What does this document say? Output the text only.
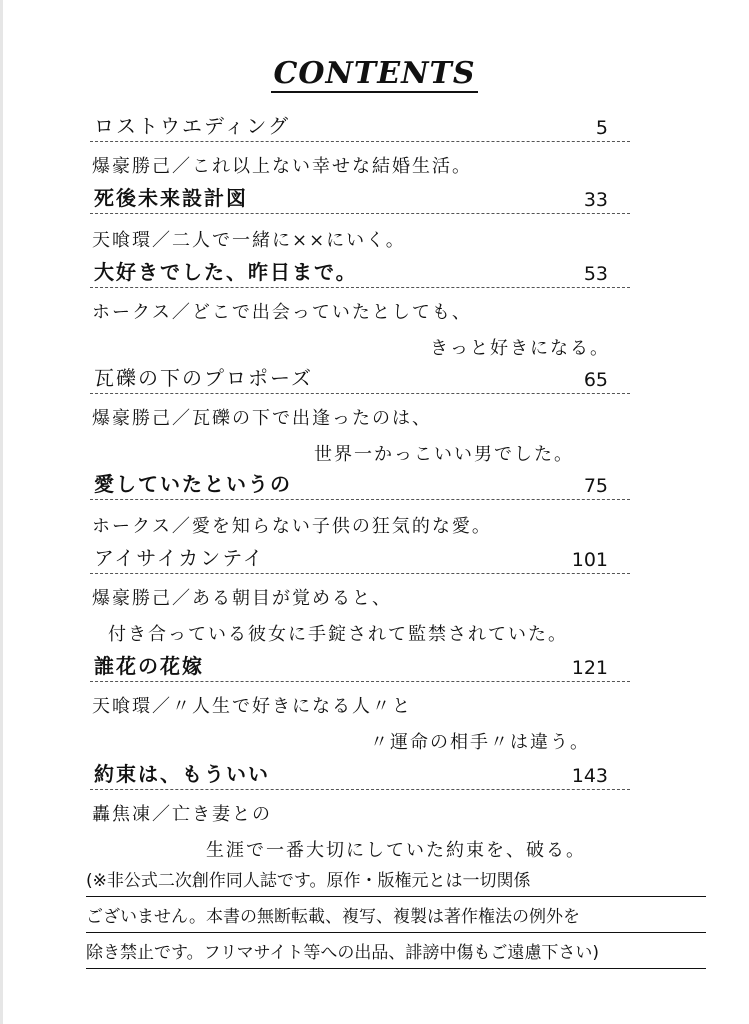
CONTENTS
ロストウエディング	5
爆豪勝己／これ以上ない幸せな結婚生活。
死後未来設計図	33
天喰環／二人で一緒に××にいく。
大好きでした、昨日まで。	53
ホークス／どこで出会っていたとしても、
きっと好きになる。
瓦礫の下のプロポーズ	65
爆豪勝己／瓦礫の下で出逢ったのは、
世界一かっこいい男でした。
愛していたというの	75
ホークス／愛を知らない子供の狂気的な愛。
アイサイカンテイ	101
爆豪勝己／ある朝目が覚めると、
付き合っている彼女に手錠されて監禁されていた。
誰花の花嫁	121
天喰環／〃人生で好きになる人〃と
〃運命の相手〃は違う。
約束は、もういい	143
轟焦凍／亡き妻との
生涯で一番大切にしていた約束を、破る。
(※非公式二次創作同人誌です。原作・版権元とは一切関係
ございません。本書の無断転載、複写、複製は著作権法の例外を
除き禁止です。フリマサイト等への出品、誹謗中傷もご遠慮下さい)
